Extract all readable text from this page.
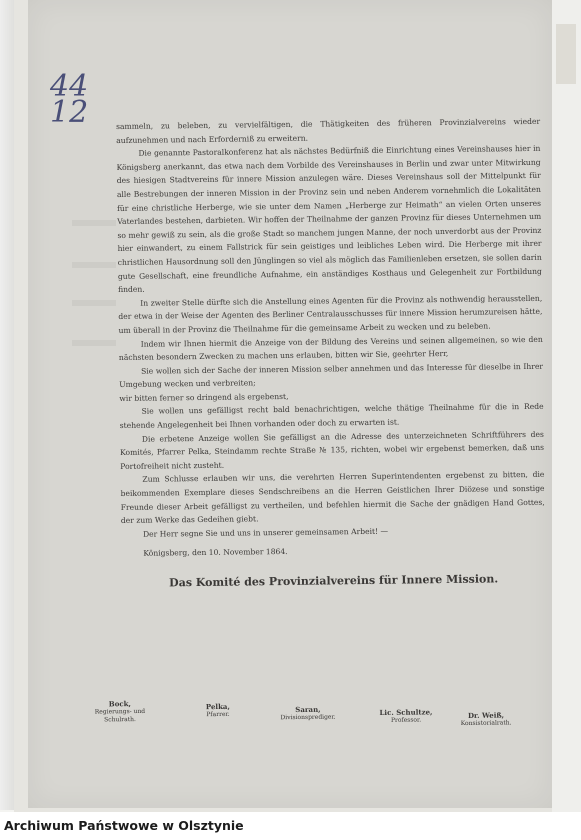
44
12	sammeln, zu beleben, zu vervielfältigen, die Thätigkeiten des früheren Provinzialvereins wieder aufzunehmen und nach Erforderniß zu erweitern.

Die genannte Pastoralkonferenz hat als nächstes Bedürfniß die Einrichtung eines Vereinshauses hier in Königsberg anerkannt, das etwa nach dem Vorbilde des Vereinshauses in Berlin und zwar unter Mitwirkung des hiesigen Stadtvereins für innere Mission anzulegen wäre. Dieses Vereinshaus soll der Mittelpunkt für alle Bestrebungen der inneren Mission in der Provinz sein und neben Anderem vornehmlich die Lokalitäten für eine christliche Herberge, wie sie unter dem Namen „Herberge zur Heimath“ an vielen Orten unseres Vaterlandes bestehen, darbieten. Wir hoffen der Theilnahme der ganzen Provinz für dieses Unternehmen um so mehr gewiß zu sein, als die große Stadt so manchem jungen Manne, der noch unverdorbt aus der Provinz hier einwandert, zu einem Fallstrick für sein geistiges und leibliches Leben wird. Die Herberge mit ihrer christlichen Hausordnung soll den Jünglingen so viel als möglich das Familienleben ersetzen, sie sollen darin gute Gesellschaft, eine freundliche Aufnahme, ein anständiges Kosthaus und Gelegenheit zur Fortbildung finden.

In zweiter Stelle dürfte sich die Anstellung eines Agenten für die Provinz als nothwendig herausstellen, der etwa in der Weise der Agenten des Berliner Centralausschusses für innere Mission herumzureisen hätte, um überall in der Provinz die Theilnahme für die gemeinsame Arbeit zu wecken und zu beleben.

Indem wir Ihnen hiermit die Anzeige von der Bildung des Vereins und seinen allgemeinen, so wie den nächsten besondern Zwecken zu machen uns erlauben, bitten wir Sie, geehrter Herr,

Sie wollen sich der Sache der inneren Mission selber annehmen und das Interesse für dieselbe in Ihrer Umgebung wecken und verbreiten;

wir bitten ferner so dringend als ergebenst,

Sie wollen uns gefälligst recht bald benachrichtigen, welche thätige Theilnahme für die in Rede stehende Angelegenheit bei Ihnen vorhanden oder doch zu erwarten ist.

Die erbetene Anzeige wollen Sie gefälligst an die Adresse des unterzeichneten Schriftführers des Komités, Pfarrer Pelka, Steindamm rechte Straße № 135, richten, wobei wir ergebenst bemerken, daß uns Portofreiheit nicht zusteht.

Zum Schlusse erlauben wir uns, die verehrten Herren Superintendenten ergebenst zu bitten, die beikommenden Exemplare dieses Sendschreibens an die Herren Geistlichen Ihrer Diözese und sonstige Freunde dieser Arbeit gefälligst zu vertheilen, und befehlen hiermit die Sache der gnädigen Hand Gottes, der zum Werke das Gedeihen giebt.

Der Herr segne Sie und uns in unserer gemeinsamen Arbeit! —

Königsberg, den 10. November 1864.

Das Komité des Provinzialvereins für Innere Mission.

Bock,
Regierungs- und Schulrath.
Pelka,
Pfarrer.
Saran,
Divisionsprediger.
Lic. Schultze,
Professor.
Dr. Weiß,
Konsistorialrath.
Archiwum Państwowe w Olsztynie
